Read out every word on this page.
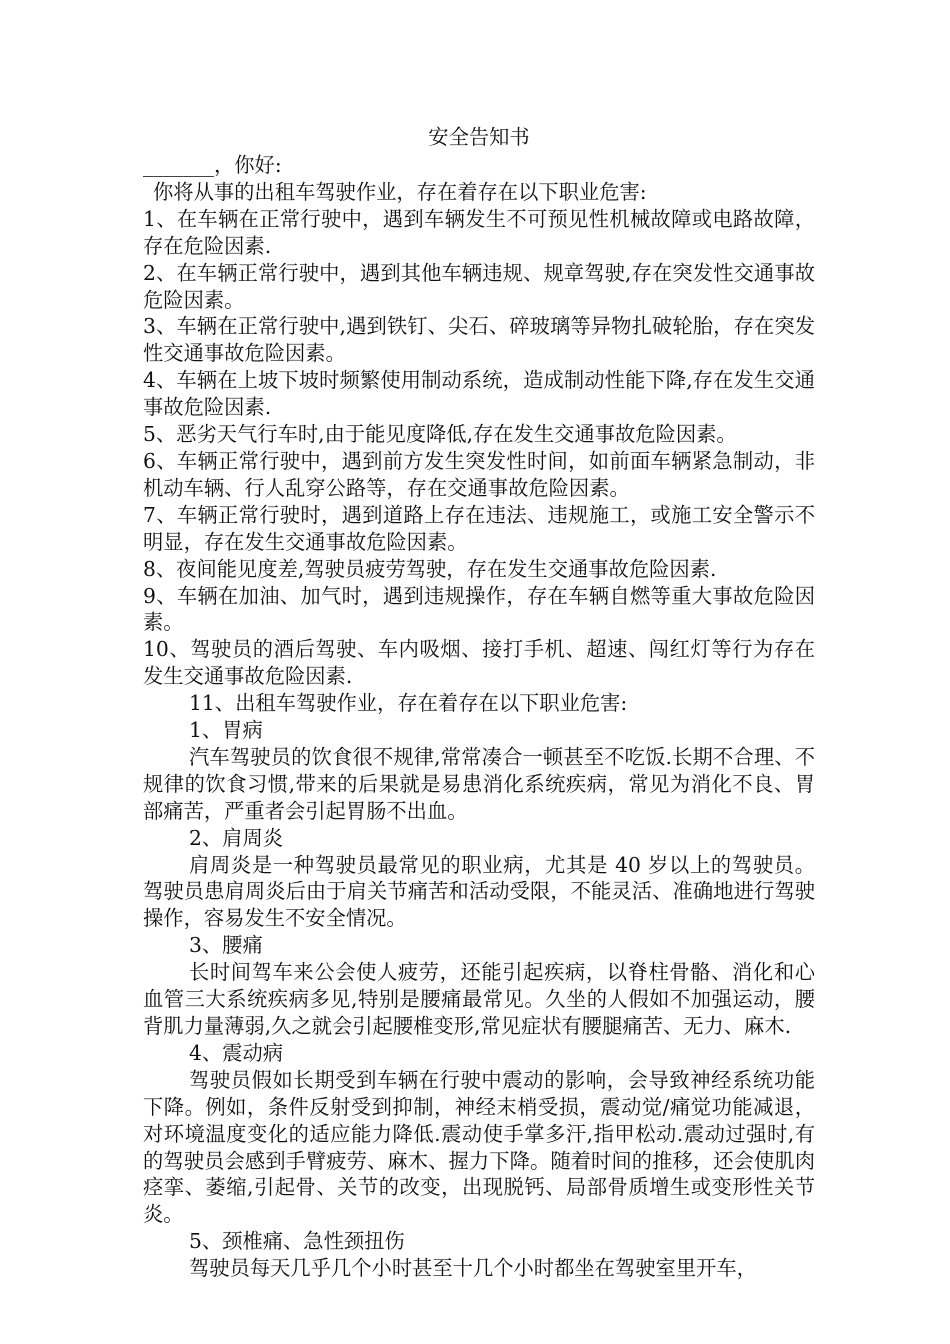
安全告知书

_______，你好:

你将从事的出租车驾驶作业，存在着存在以下职业危害:

1、在车辆在正常行驶中，遇到车辆发生不可预见性机械故障或电路故障，存在危险因素.

2、在车辆正常行驶中，遇到其他车辆违规、规章驾驶,存在突发性交通事故危险因素。

3、车辆在正常行驶中,遇到铁钉、尖石、碎玻璃等异物扎破轮胎，存在突发性交通事故危险因素。

4、车辆在上坡下坡时频繁使用制动系统，造成制动性能下降,存在发生交通事故危险因素.

5、恶劣天气行车时,由于能见度降低,存在发生交通事故危险因素。

6、车辆正常行驶中，遇到前方发生突发性时间，如前面车辆紧急制动，非机动车辆、行人乱穿公路等，存在交通事故危险因素。

7、车辆正常行驶时，遇到道路上存在违法、违规施工，或施工安全警示不明显，存在发生交通事故危险因素。

8、夜间能见度差,驾驶员疲劳驾驶，存在发生交通事故危险因素.

9、车辆在加油、加气时，遇到违规操作，存在车辆自燃等重大事故危险因素。

10、驾驶员的酒后驾驶、车内吸烟、接打手机、超速、闯红灯等行为存在发生交通事故危险因素.

11、出租车驾驶作业，存在着存在以下职业危害:

1、胃病

汽车驾驶员的饮食很不规律,常常凑合一顿甚至不吃饭.长期不合理、不规律的饮食习惯,带来的后果就是易患消化系统疾病，常见为消化不良、胃部痛苦，严重者会引起胃肠不出血。

2、肩周炎

肩周炎是一种驾驶员最常见的职业病，尤其是 40 岁以上的驾驶员。驾驶员患肩周炎后由于肩关节痛苦和活动受限，不能灵活、准确地进行驾驶操作，容易发生不安全情况。

3、腰痛

长时间驾车来公会使人疲劳，还能引起疾病，以脊柱骨骼、消化和心血管三大系统疾病多见,特别是腰痛最常见。久坐的人假如不加强运动，腰背肌力量薄弱,久之就会引起腰椎变形,常见症状有腰腿痛苦、无力、麻木.

4、震动病

驾驶员假如长期受到车辆在行驶中震动的影响，会导致神经系统功能下降。例如，条件反射受到抑制，神经末梢受损，震动觉/痛觉功能减退，对环境温度变化的适应能力降低.震动使手掌多汗,指甲松动.震动过强时,有的驾驶员会感到手臂疲劳、麻木、握力下降。随着时间的推移，还会使肌肉痉挛、萎缩,引起骨、关节的改变，出现脱钙、局部骨质增生或变形性关节炎。

5、颈椎痛、急性颈扭伤

驾驶员每天几乎几个小时甚至十几个小时都坐在驾驶室里开车，
